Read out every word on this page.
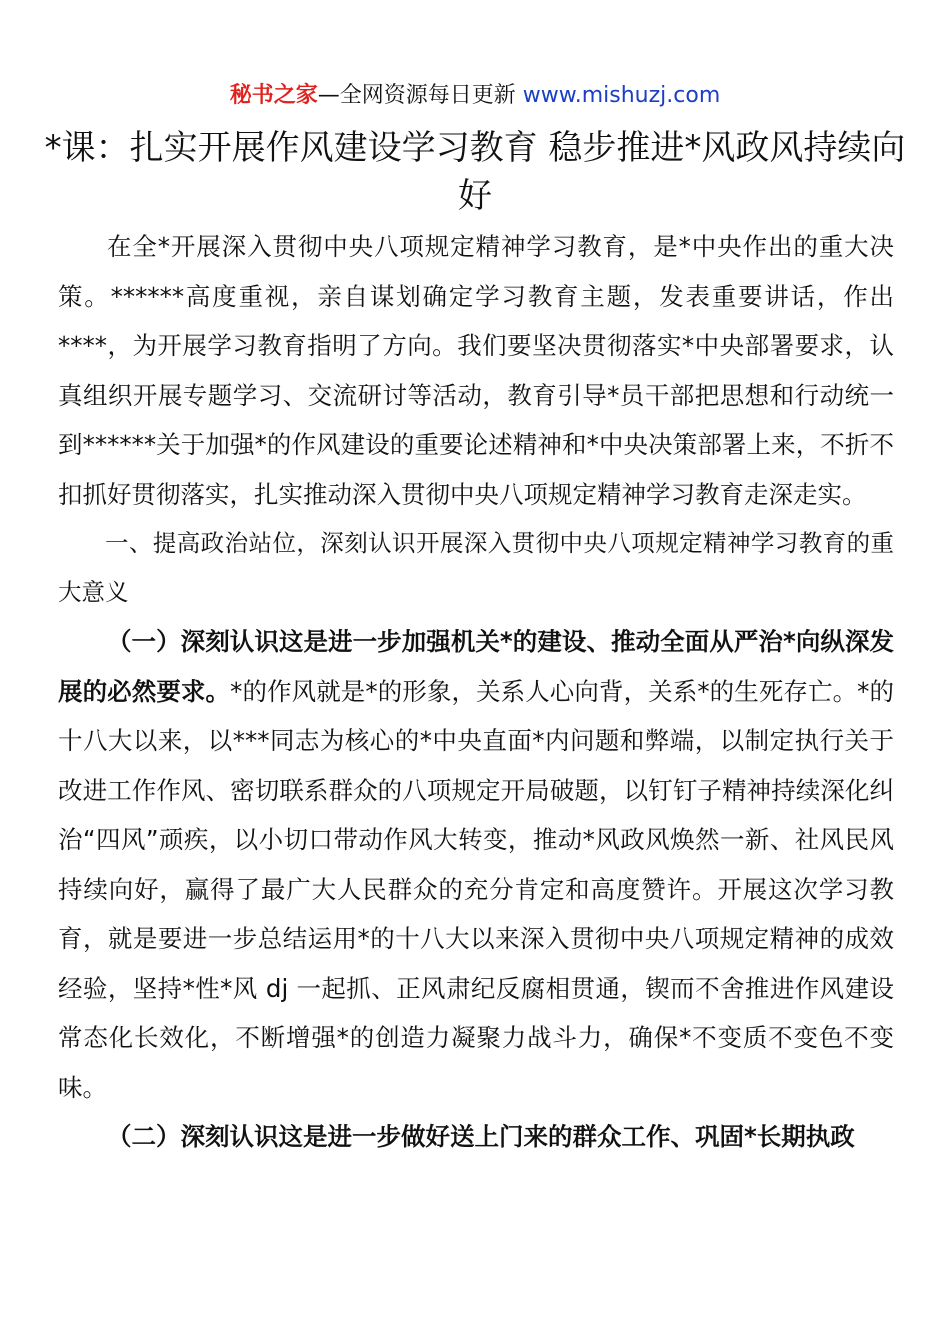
秘书之家—全网资源每日更新 www.mishuzj.com
*课：扎实开展作风建设学习教育 稳步推进*风政风持续向好

在全*开展深入贯彻中央八项规定精神学习教育，是*中央作出的重大决策。******高度重视，亲自谋划确定学习教育主题，发表重要讲话，作出****，为开展学习教育指明了方向。我们要坚决贯彻落实*中央部署要求，认真组织开展专题学习、交流研讨等活动，教育引导*员干部把思想和行动统一到******关于加强*的作风建设的重要论述精神和*中央决策部署上来，不折不扣抓好贯彻落实，扎实推动深入贯彻中央八项规定精神学习教育走深走实。

一、提高政治站位，深刻认识开展深入贯彻中央八项规定精神学习教育的重大意义

（一）深刻认识这是进一步加强机关*的建设、推动全面从严治*向纵深发展的必然要求。*的作风就是*的形象，关系人心向背，关系*的生死存亡。*的十八大以来，以***同志为核心的*中央直面*内问题和弊端，以制定执行关于改进工作作风、密切联系群众的八项规定开局破题，以钉钉子精神持续深化纠治“四风”顽疾，以小切口带动作风大转变，推动*风政风焕然一新、社风民风持续向好，赢得了最广大人民群众的充分肯定和高度赞许。开展这次学习教育，就是要进一步总结运用*的十八大以来深入贯彻中央八项规定精神的成效经验，坚持*性*风 dj 一起抓、正风肃纪反腐相贯通，锲而不舍推进作风建设常态化长效化，不断增强*的创造力凝聚力战斗力，确保*不变质不变色不变味。

（二）深刻认识这是进一步做好送上门来的群众工作、巩固*长期执政
